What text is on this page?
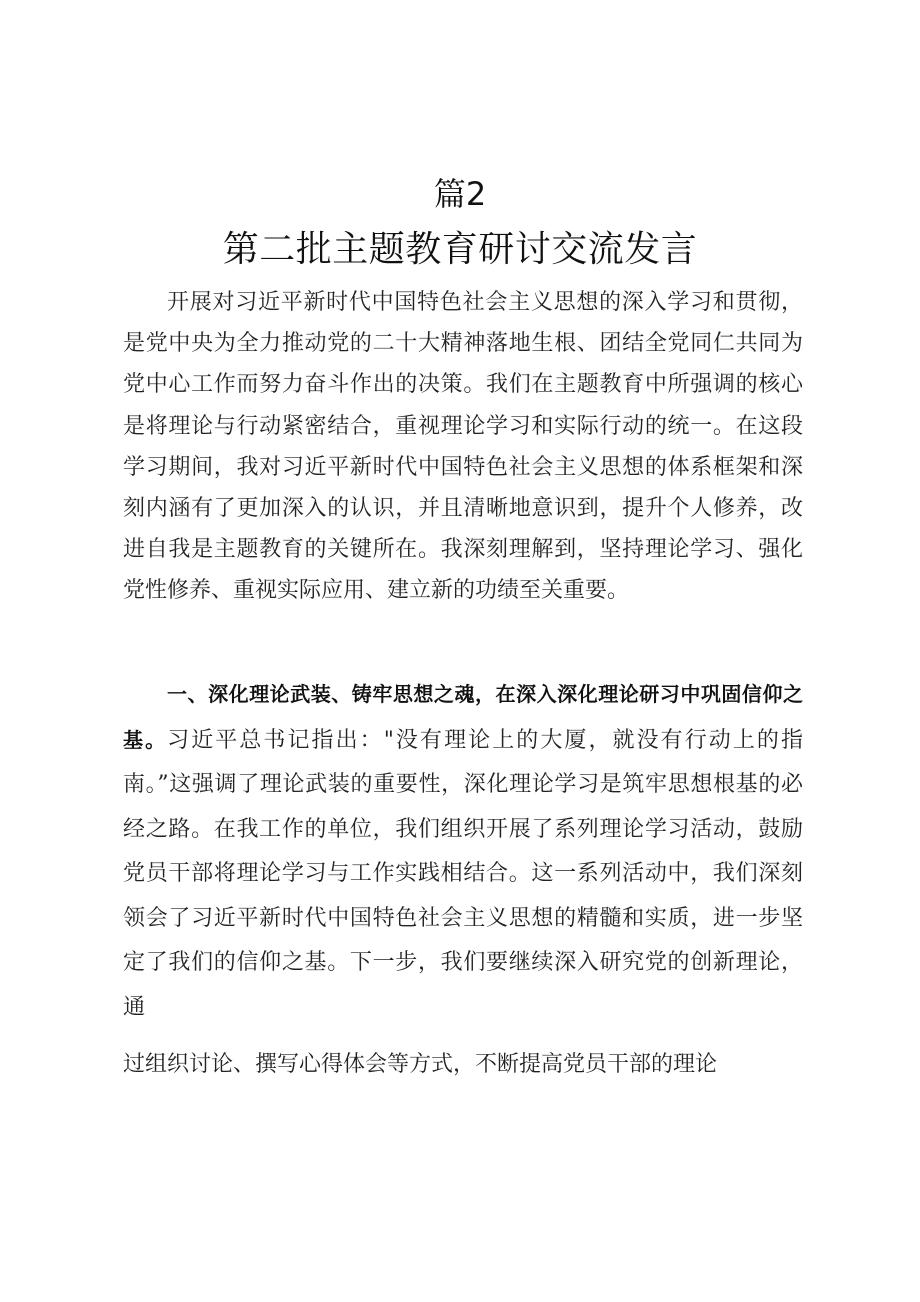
篇2
第二批主题教育研讨交流发言

开展对习近平新时代中国特色社会主义思想的深入学习和贯彻，是党中央为全力推动党的二十大精神落地生根、团结全党同仁共同为党中心工作而努力奋斗作出的决策。我们在主题教育中所强调的核心是将理论与行动紧密结合，重视理论学习和实际行动的统一。在这段学习期间，我对习近平新时代中国特色社会主义思想的体系框架和深刻内涵有了更加深入的认识，并且清晰地意识到，提升个人修养，改进自我是主题教育的关键所在。我深刻理解到，坚持理论学习、强化党性修养、重视实际应用、建立新的功绩至关重要。

一、深化理论武装、铸牢思想之魂，在深入深化理论研习中巩固信仰之基。习近平总书记指出："没有理论上的大厦，就没有行动上的指南。”这强调了理论武装的重要性，深化理论学习是筑牢思想根基的必经之路。在我工作的单位，我们组织开展了系列理论学习活动，鼓励党员干部将理论学习与工作实践相结合。这一系列活动中，我们深刻领会了习近平新时代中国特色社会主义思想的精髓和实质，进一步坚定了我们的信仰之基。下一步，我们要继续深入研究党的创新理论，通

过组织讨论、撰写心得体会等方式，不断提高党员干部的理论
